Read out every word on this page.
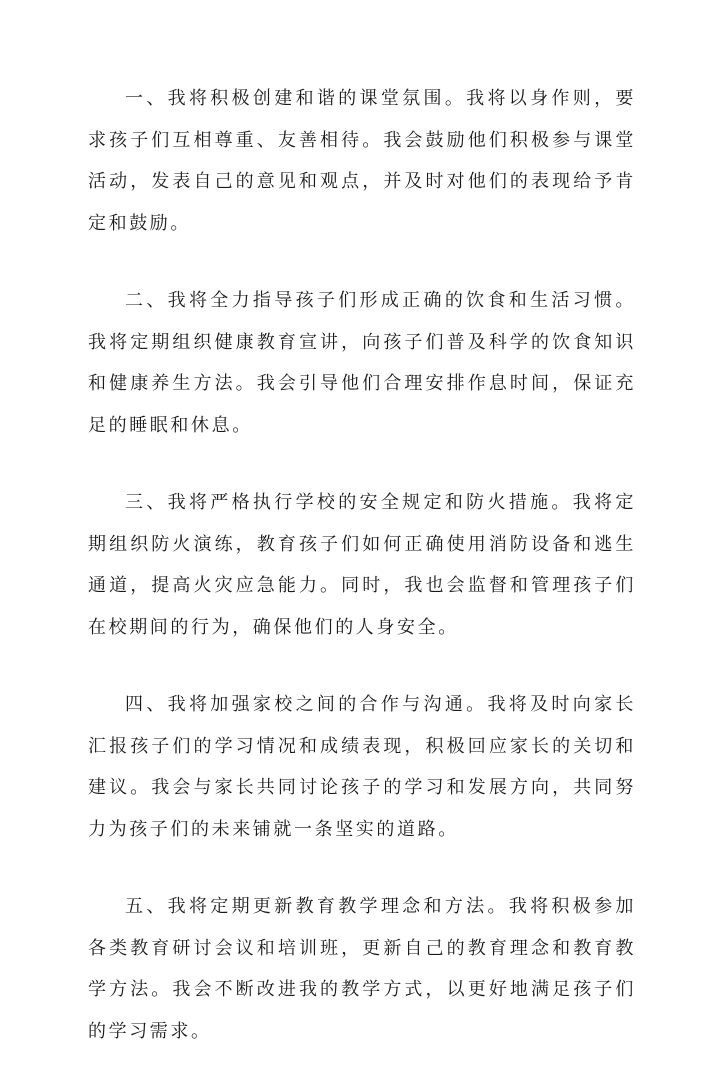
一、我将积极创建和谐的课堂氛围。我将以身作则，要求孩子们互相尊重、友善相待。我会鼓励他们积极参与课堂活动，发表自己的意见和观点，并及时对他们的表现给予肯定和鼓励。

二、我将全力指导孩子们形成正确的饮食和生活习惯。我将定期组织健康教育宣讲，向孩子们普及科学的饮食知识和健康养生方法。我会引导他们合理安排作息时间，保证充足的睡眠和休息。

三、我将严格执行学校的安全规定和防火措施。我将定期组织防火演练，教育孩子们如何正确使用消防设备和逃生通道，提高火灾应急能力。同时，我也会监督和管理孩子们在校期间的行为，确保他们的人身安全。

四、我将加强家校之间的合作与沟通。我将及时向家长汇报孩子们的学习情况和成绩表现，积极回应家长的关切和建议。我会与家长共同讨论孩子的学习和发展方向，共同努力为孩子们的未来铺就一条坚实的道路。

五、我将定期更新教育教学理念和方法。我将积极参加各类教育研讨会议和培训班，更新自己的教育理念和教育教学方法。我会不断改进我的教学方式，以更好地满足孩子们的学习需求。
